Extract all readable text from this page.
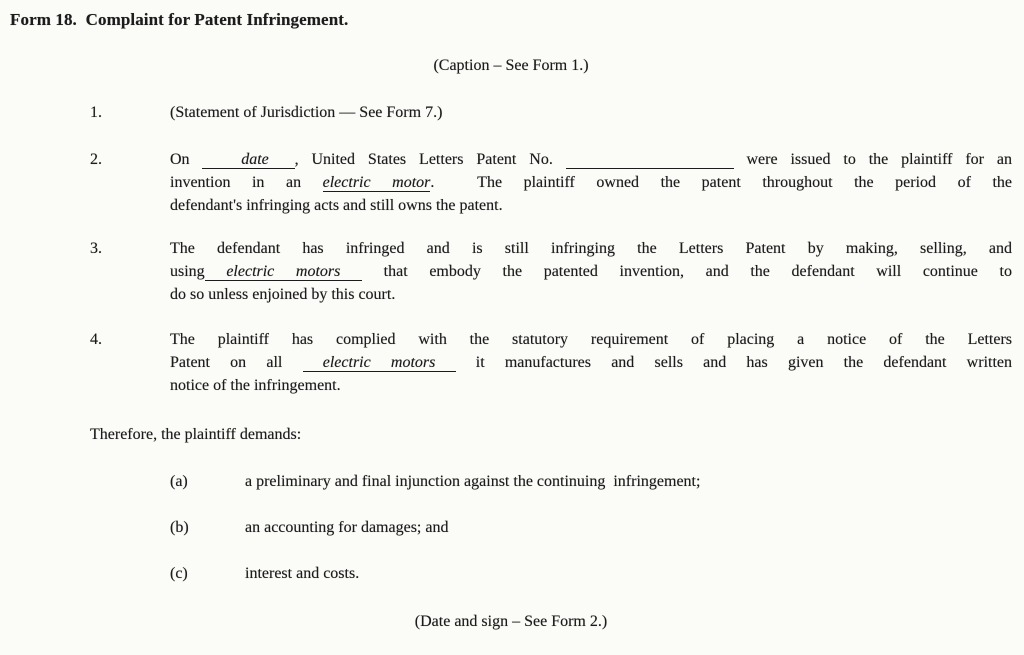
Form 18.  Complaint for Patent Infringement.
(Caption – See Form 1.)
1.	(Statement of Jurisdiction — See Form 7.)
2.	On    date  , United States Letters Patent No.	were issued to the plaintiff for an
invention in an electric motor.  The plaintiff owned the patent throughout the period of the
defendant's infringing acts and still owns the patent.
3.	The defendant has infringed and is still infringing the Letters Patent by making, selling, and
using electric motors  that embody the patented invention, and the defendant will continue to
do so unless enjoined by this court.
4.	The plaintiff has complied with the statutory requirement of placing a notice of the Letters
Patent on all  electric motors  it manufactures and sells and has given the defendant written
notice of the infringement.
Therefore, the plaintiff demands:
(a)	a preliminary and final injunction against the continuing  infringement;
(b)	an accounting for damages; and
(c)	interest and costs.
(Date and sign – See Form 2.)
